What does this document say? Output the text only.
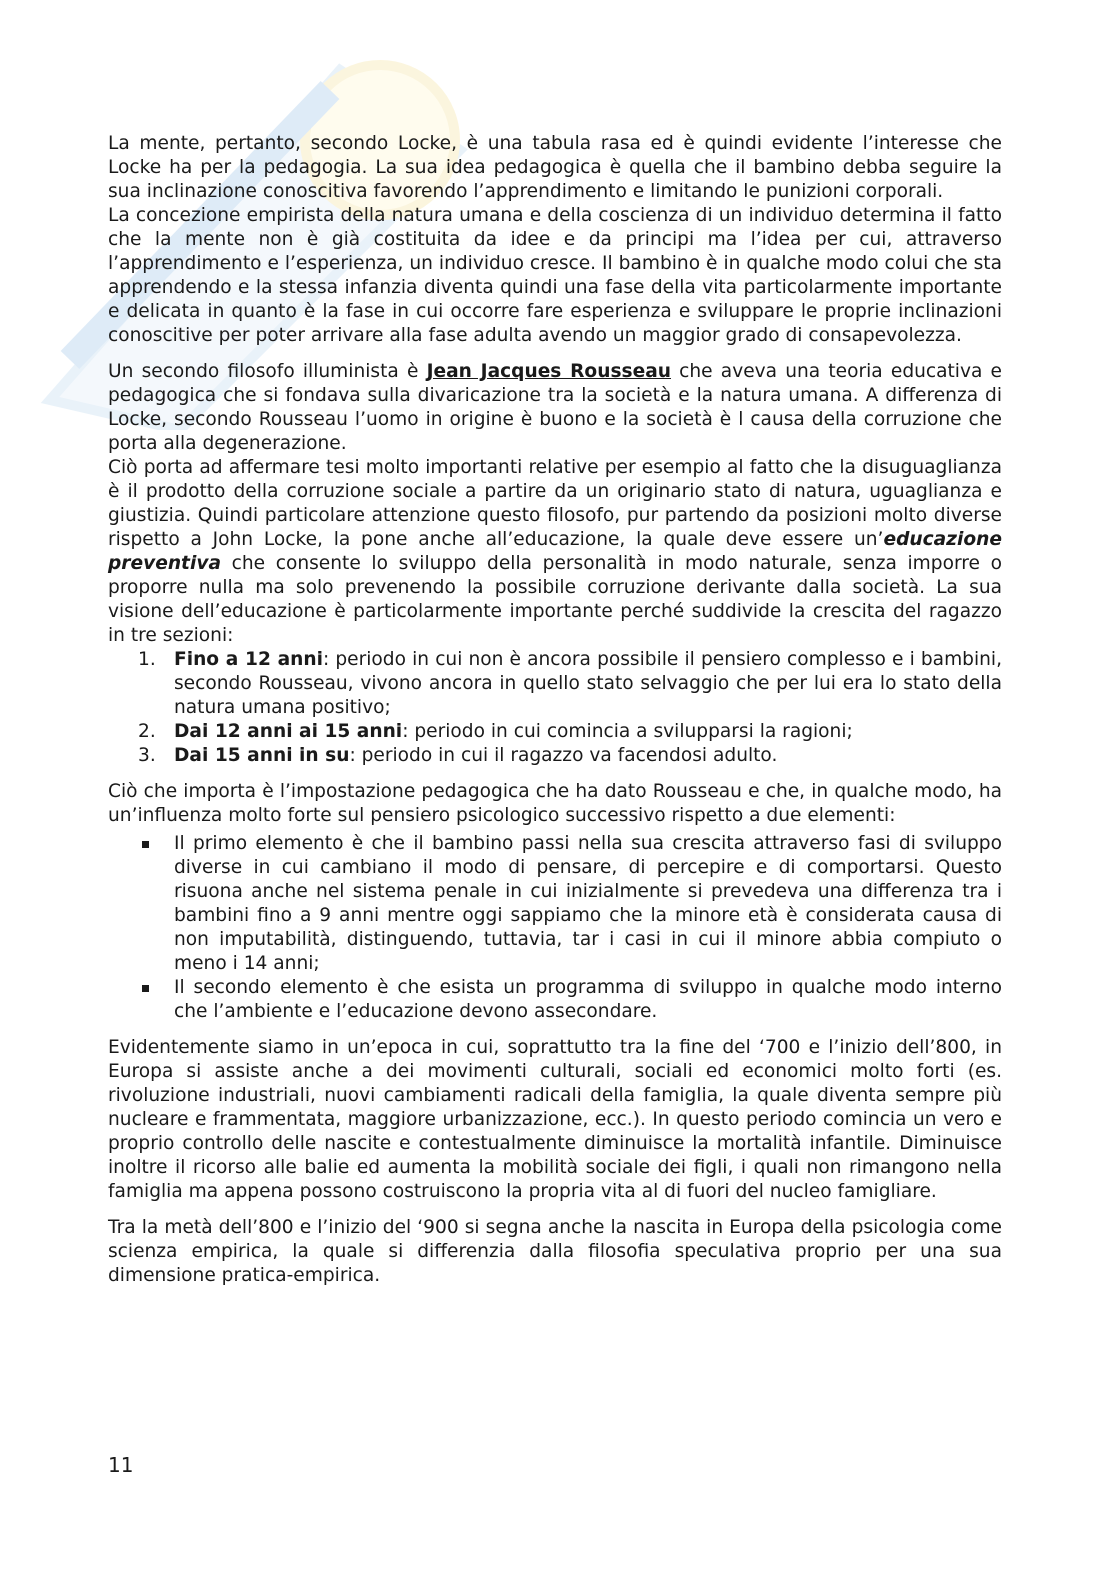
La mente, pertanto, secondo Locke, è una tabula rasa ed è quindi evidente l’interesse che Locke ha per la pedagogia. La sua idea pedagogica è quella che il bambino debba seguire la sua inclinazione conoscitiva favorendo l’apprendimento e limitando le punizioni corporali.

La concezione empirista della natura umana e della coscienza di un individuo determina il fatto che la mente non è già costituita da idee e da principi ma l’idea per cui, attraverso l’apprendimento e l’esperienza, un individuo cresce. Il bambino è in qualche modo colui che sta apprendendo e la stessa infanzia diventa quindi una fase della vita particolarmente importante e delicata in quanto è la fase in cui occorre fare esperienza e sviluppare le proprie inclinazioni conoscitive per poter arrivare alla fase adulta avendo un maggior grado di consapevolezza.

Un secondo filosofo illuminista è Jean Jacques Rousseau che aveva una teoria educativa e pedagogica che si fondava sulla divaricazione tra la società e la natura umana. A differenza di Locke, secondo Rousseau l’uomo in origine è buono e la società è l causa della corruzione che porta alla degenerazione.

Ciò porta ad affermare tesi molto importanti relative per esempio al fatto che la disuguaglianza è il prodotto della corruzione sociale a partire da un originario stato di natura, uguaglianza e giustizia. Quindi particolare attenzione questo filosofo, pur partendo da posizioni molto diverse rispetto a John Locke, la pone anche all’educazione, la quale deve essere un’educazione preventiva che consente lo sviluppo della personalità in modo naturale, senza imporre o proporre nulla ma solo prevenendo la possibile corruzione derivante dalla società. La sua visione dell’educazione è particolarmente importante perché suddivide la crescita del ragazzo in tre sezioni:

1. Fino a 12 anni: periodo in cui non è ancora possibile il pensiero complesso e i bambini, secondo Rousseau, vivono ancora in quello stato selvaggio che per lui era lo stato della natura umana positivo;
2. Dai 12 anni ai 15 anni: periodo in cui comincia a svilupparsi la ragioni;
3. Dai 15 anni in su: periodo in cui il ragazzo va facendosi adulto.

Ciò che importa è l’impostazione pedagogica che ha dato Rousseau e che, in qualche modo, ha un’influenza molto forte sul pensiero psicologico successivo rispetto a due elementi:

Il primo elemento è che il bambino passi nella sua crescita attraverso fasi di sviluppo diverse in cui cambiano il modo di pensare, di percepire e di comportarsi. Questo risuona anche nel sistema penale in cui inizialmente si prevedeva una differenza tra i bambini fino a 9 anni mentre oggi sappiamo che la minore età è considerata causa di non imputabilità, distinguendo, tuttavia, tar i casi in cui il minore abbia compiuto o meno i 14 anni;
Il secondo elemento è che esista un programma di sviluppo in qualche modo interno che l’ambiente e l’educazione devono assecondare.

Evidentemente siamo in un’epoca in cui, soprattutto tra la fine del ‘700 e l’inizio dell’800, in Europa si assiste anche a dei movimenti culturali, sociali ed economici molto forti (es. rivoluzione industriali, nuovi cambiamenti radicali della famiglia, la quale diventa sempre più nucleare e frammentata, maggiore urbanizzazione, ecc.). In questo periodo comincia un vero e proprio controllo delle nascite e contestualmente diminuisce la mortalità infantile. Diminuisce inoltre il ricorso alle balie ed aumenta la mobilità sociale dei figli, i quali non rimangono nella famiglia ma appena possono costruiscono la propria vita al di fuori del nucleo famigliare.

Tra la metà dell’800 e l’inizio del ‘900 si segna anche la nascita in Europa della psicologia come scienza empirica, la quale si differenzia dalla filosofia speculativa proprio per una sua dimensione pratica-empirica.

11
